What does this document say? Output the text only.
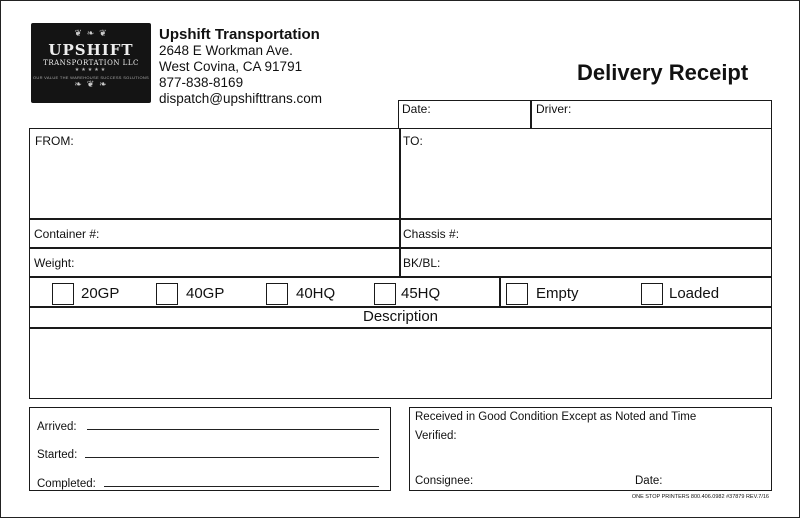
❦ ❧ ❦
UPSHIFT
TRANSPORTATION LLC
★★★★★
OUR VALUE THE WAREHOUSE SUCCESS SOLUTIONS
❧ ❦ ❧
Upshift Transportation
2648 E Workman Ave.
West Covina, CA 91791
877-838-8169
dispatch@upshifttrans.com
Delivery Receipt
Date:	Driver:
FROM:	TO:
Container #:	Chassis #:
Weight:	BK/BL:
20GP	40GP	40HQ	45HQ	Empty	Loaded
Description
Arrived:
Started:
Completed:
Received in Good Condition Except as Noted and Time
Verified:
Consignee:	Date:
ONE STOP PRINTERS 800.406.0982 #37879 REV.7/16
